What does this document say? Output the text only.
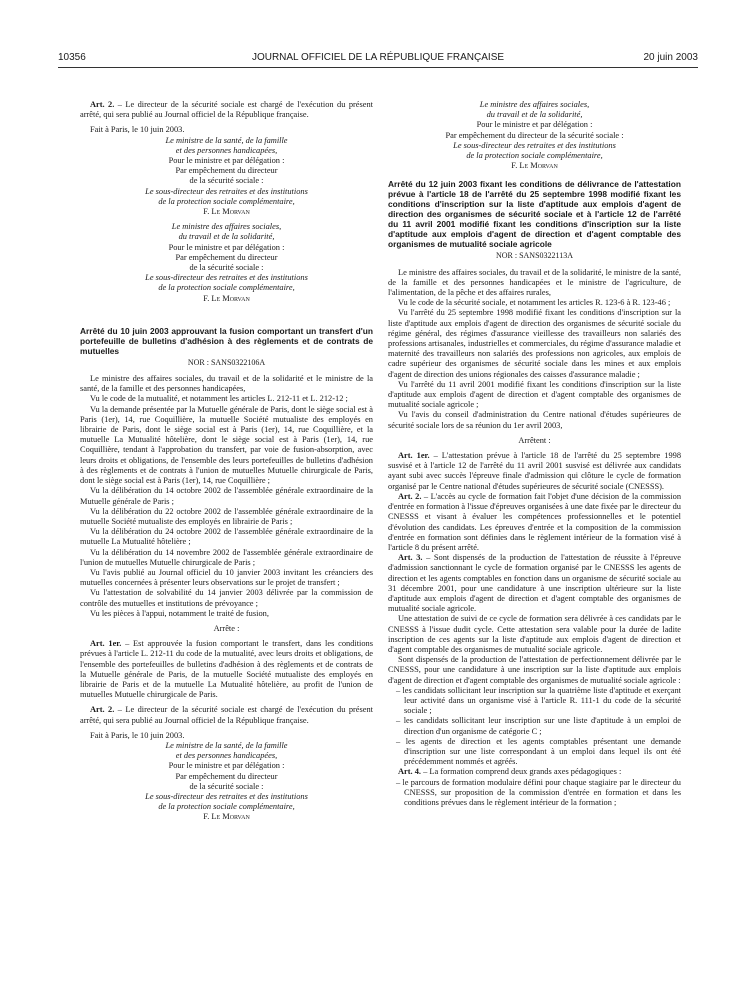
10356	JOURNAL OFFICIEL DE LA RÉPUBLIQUE FRANÇAISE	20 juin 2003

Art. 2. – Le directeur de la sécurité sociale est chargé de l'exécution du présent arrêté, qui sera publié au Journal officiel de la République française.

Fait à Paris, le 10 juin 2003.

Le ministre de la santé, de la famille

et des personnes handicapées,

Pour le ministre et par délégation :

Par empêchement du directeur

de la sécurité sociale :

Le sous-directeur des retraites et des institutions

de la protection sociale complémentaire,

F. Le Morvan

Le ministre des affaires sociales,

du travail et de la solidarité,

Pour le ministre et par délégation :

Par empêchement du directeur

de la sécurité sociale :

Le sous-directeur des retraites et des institutions

de la protection sociale complémentaire,

F. Le Morvan

Arrêté du 10 juin 2003 approuvant la fusion comportant un transfert d'un portefeuille de bulletins d'adhésion à des règlements et de contrats de mutuelles

NOR : SANS0322106A

Le ministre des affaires sociales, du travail et de la solidarité et le ministre de la santé, de la famille et des personnes handicapées,

Vu le code de la mutualité, et notamment les articles L. 212-11 et L. 212-12 ;

Vu la demande présentée par la Mutuelle générale de Paris, dont le siège social est à Paris (1er), 14, rue Coquillière, la mutuelle Société mutualiste des employés en librairie de Paris, dont le siège social est à Paris (1er), 14, rue Coquillière, et la mutuelle La Mutualité hôtelière, dont le siège social est à Paris (1er), 14, rue Coquillière, tendant à l'approbation du transfert, par voie de fusion-absorption, avec leurs droits et obligations, de l'ensemble des leurs portefeuilles de bulletins d'adhésion à des règlements et de contrats à l'union de mutuelles Mutuelle chirurgicale de Paris, dont le siège social est à Paris (1er), 14, rue Coquillière ;

Vu la délibération du 14 octobre 2002 de l'assemblée générale extraordinaire de la Mutuelle générale de Paris ;

Vu la délibération du 22 octobre 2002 de l'assemblée générale extraordinaire de la mutuelle Société mutualiste des employés en librairie de Paris ;

Vu la délibération du 24 octobre 2002 de l'assemblée générale extraordinaire de la mutuelle La Mutualité hôtelière ;

Vu la délibération du 14 novembre 2002 de l'assemblée générale extraordinaire de l'union de mutuelles Mutuelle chirurgicale de Paris ;

Vu l'avis publié au Journal officiel du 10 janvier 2003 invitant les créanciers des mutuelles concernées à présenter leurs observations sur le projet de transfert ;

Vu l'attestation de solvabilité du 14 janvier 2003 délivrée par la commission de contrôle des mutuelles et institutions de prévoyance ;

Vu les pièces à l'appui, notamment le traité de fusion,

Arrête :

Art. 1er. – Est approuvée la fusion comportant le transfert, dans les conditions prévues à l'article L. 212-11 du code de la mutualité, avec leurs droits et obligations, de l'ensemble des portefeuilles de bulletins d'adhésion à des règlements et de contrats de la Mutuelle générale de Paris, de la mutuelle Société mutualiste des employés en librairie de Paris et de la mutuelle La Mutualité hôtelière, au profit de l'union de mutuelles Mutuelle chirurgicale de Paris.

Art. 2. – Le directeur de la sécurité sociale est chargé de l'exécution du présent arrêté, qui sera publié au Journal officiel de la République française.

Fait à Paris, le 10 juin 2003.

Le ministre de la santé, de la famille

et des personnes handicapées,

Pour le ministre et par délégation :

Par empêchement du directeur

de la sécurité sociale :

Le sous-directeur des retraites et des institutions

de la protection sociale complémentaire,

F. Le Morvan

Le ministre des affaires sociales,

du travail et de la solidarité,

Pour le ministre et par délégation :

Par empêchement du directeur de la sécurité sociale :

Le sous-directeur des retraites et des institutions

de la protection sociale complémentaire,

F. Le Morvan

Arrêté du 12 juin 2003 fixant les conditions de délivrance de l'attestation prévue à l'article 18 de l'arrêté du 25 septembre 1998 modifié fixant les conditions d'inscription sur la liste d'aptitude aux emplois d'agent de direction des organismes de sécurité sociale et à l'article 12 de l'arrêté du 11 avril 2001 modifié fixant les conditions d'inscription sur la liste d'aptitude aux emplois d'agent de direction et d'agent comptable des organismes de mutualité sociale agricole

NOR : SANS0322113A

Le ministre des affaires sociales, du travail et de la solidarité, le ministre de la santé, de la famille et des personnes handicapées et le ministre de l'agriculture, de l'alimentation, de la pêche et des affaires rurales,

Vu le code de la sécurité sociale, et notamment les articles R. 123-6 à R. 123-46 ;

Vu l'arrêté du 25 septembre 1998 modifié fixant les conditions d'inscription sur la liste d'aptitude aux emplois d'agent de direction des organismes de sécurité sociale du régime général, des régimes d'assurance vieillesse des travailleurs non salariés des professions artisanales, industrielles et commerciales, du régime d'assurance maladie et maternité des travailleurs non salariés des professions non agricoles, aux emplois de cadre supérieur des organismes de sécurité sociale dans les mines et aux emplois d'agent de direction des unions régionales des caisses d'assurance maladie ;

Vu l'arrêté du 11 avril 2001 modifié fixant les conditions d'inscription sur la liste d'aptitude aux emplois d'agent de direction et d'agent comptable des organismes de mutualité sociale agricole ;

Vu l'avis du conseil d'administration du Centre national d'études supérieures de sécurité sociale lors de sa réunion du 1er avril 2003,

Arrêtent :

Art. 1er. – L'attestation prévue à l'article 18 de l'arrêté du 25 septembre 1998 susvisé et à l'article 12 de l'arrêté du 11 avril 2001 susvisé est délivrée aux candidats ayant subi avec succès l'épreuve finale d'admission qui clôture le cycle de formation organisé par le Centre national d'études supérieures de sécurité sociale (CNESSS).

Art. 2. – L'accès au cycle de formation fait l'objet d'une décision de la commission d'entrée en formation à l'issue d'épreuves organisées à une date fixée par le directeur du CNESSS et visant à évaluer les compétences professionnelles et le potentiel d'évolution des candidats. Les épreuves d'entrée et la composition de la commission d'entrée en formation sont définies dans le règlement intérieur de la formation visé à l'article 8 du présent arrêté.

Art. 3. – Sont dispensés de la production de l'attestation de réussite à l'épreuve d'admission sanctionnant le cycle de formation organisé par le CNESSS les agents de direction et les agents comptables en fonction dans un organisme de sécurité sociale au 31 décembre 2001, pour une candidature à une inscription ultérieure sur la liste d'aptitude aux emplois d'agent de direction et d'agent comptable des organismes de mutualité sociale agricole.

Une attestation de suivi de ce cycle de formation sera délivrée à ces candidats par le CNESSS à l'issue dudit cycle. Cette attestation sera valable pour la durée de ladite inscription de ces agents sur la liste d'aptitude aux emplois d'agent de direction et d'agent comptable des organismes de mutualité sociale agricole.

Sont dispensés de la production de l'attestation de perfectionnement délivrée par le CNESSS, pour une candidature à une inscription sur la liste d'aptitude aux emplois d'agent de direction et d'agent comptable des organismes de mutualité sociale agricole :

– les candidats sollicitant leur inscription sur la quatrième liste d'aptitude et exerçant leur activité dans un organisme visé à l'article R. 111-1 du code de la sécurité sociale ;

– les candidats sollicitant leur inscription sur une liste d'aptitude à un emploi de direction d'un organisme de catégorie C ;

– les agents de direction et les agents comptables présentant une demande d'inscription sur une liste correspondant à un emploi dans lequel ils ont été précédemment nommés et agréés.

Art. 4. – La formation comprend deux grands axes pédagogiques :

– le parcours de formation modulaire défini pour chaque stagiaire par le directeur du CNESSS, sur proposition de la commission d'entrée en formation et dans les conditions prévues dans le règlement intérieur de la formation ;
